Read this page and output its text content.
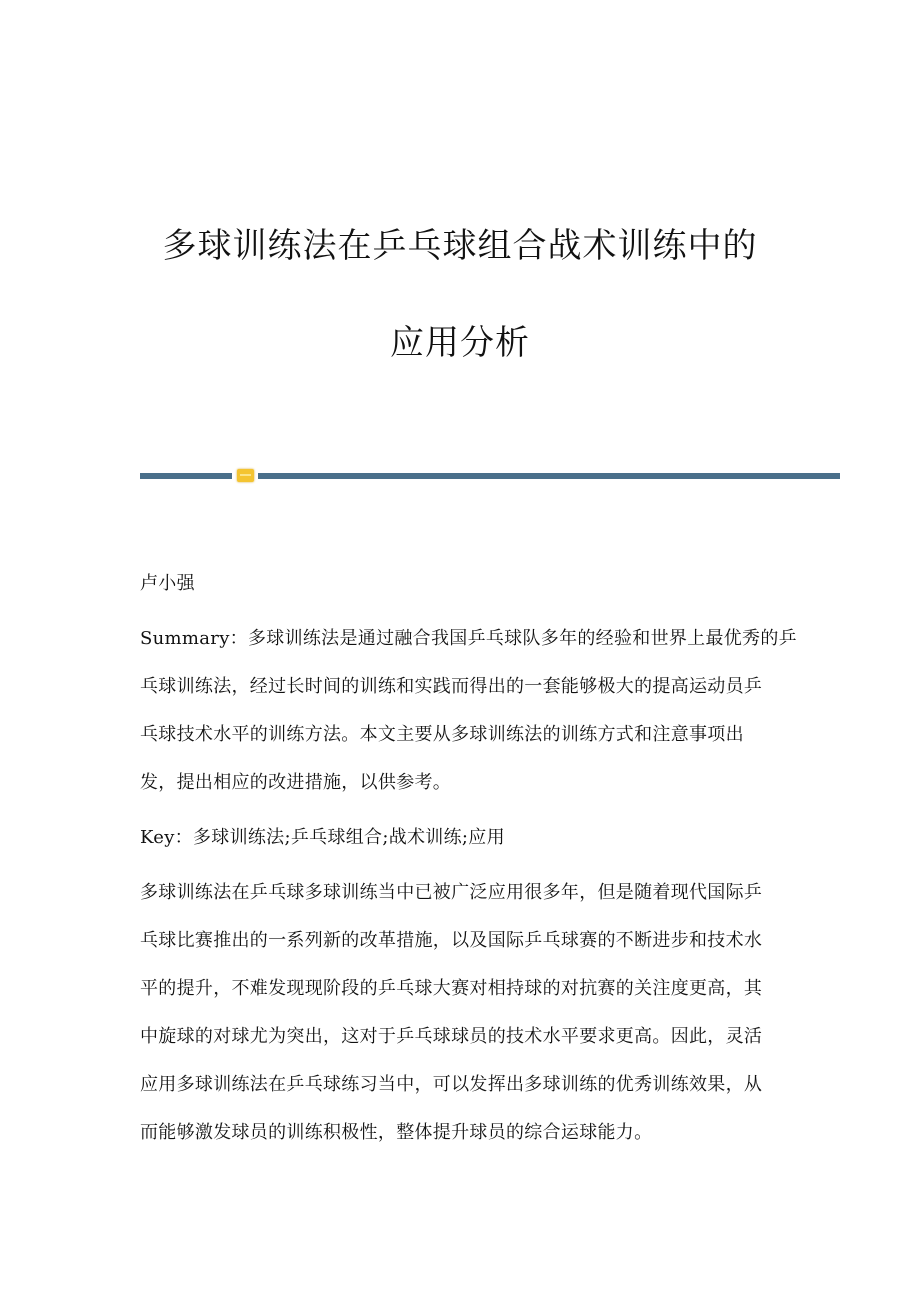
多球训练法在乒乓球组合战术训练中的
应用分析
卢小强
Summary：多球训练法是通过融合我国乒乓球队多年的经验和世界上最优秀的乒
乓球训练法，经过长时间的训练和实践而得出的一套能够极大的提高运动员乒
乓球技术水平的训练方法。本文主要从多球训练法的训练方式和注意事项出
发，提出相应的改进措施，以供参考。
Key：多球训练法;乒乓球组合;战术训练;应用
多球训练法在乒乓球多球训练当中已被广泛应用很多年，但是随着现代国际乒
乓球比赛推出的一系列新的改革措施，以及国际乒乓球赛的不断进步和技术水
平的提升，不难发现现阶段的乒乓球大赛对相持球的对抗赛的关注度更高，其
中旋球的对球尤为突出，这对于乒乓球球员的技术水平要求更高。因此，灵活
应用多球训练法在乒乓球练习当中，可以发挥出多球训练的优秀训练效果，从
而能够激发球员的训练积极性，整体提升球员的综合运球能力。
